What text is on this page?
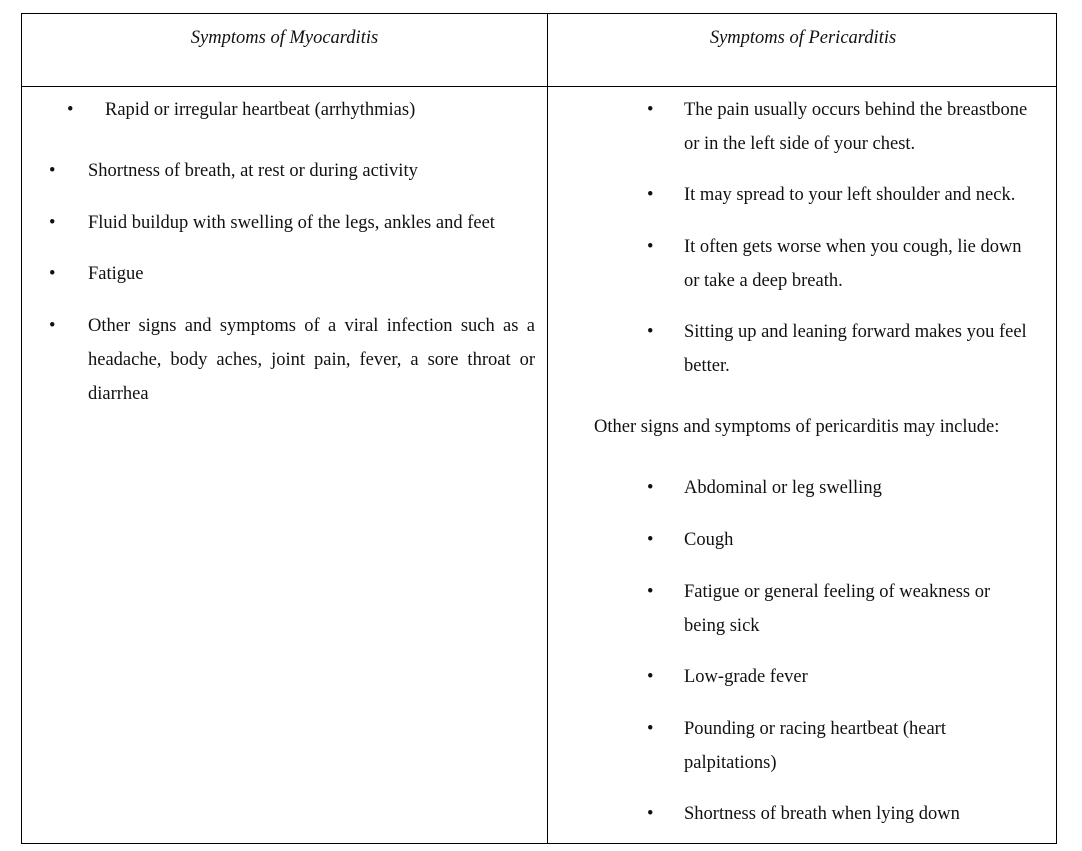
Symptoms of Myocarditis	Symptoms of Pericarditis
• Rapid or irregular heartbeat (arrhythmias)
• Shortness of breath, at rest or during activity
• Fluid buildup with swelling of the legs, ankles and feet
• Fatigue
• Other signs and symptoms of a viral infection such as a headache, body aches, joint pain, fever, a sore throat or diarrhea
• The pain usually occurs behind the breastbone or in the left side of your chest.
• It may spread to your left shoulder and neck.
• It often gets worse when you cough, lie down or take a deep breath.
• Sitting up and leaning forward makes you feel better.
Other signs and symptoms of pericarditis may include:
• Abdominal or leg swelling
• Cough
• Fatigue or general feeling of weakness or being sick
• Low-grade fever
• Pounding or racing heartbeat (heart palpitations)
• Shortness of breath when lying down
